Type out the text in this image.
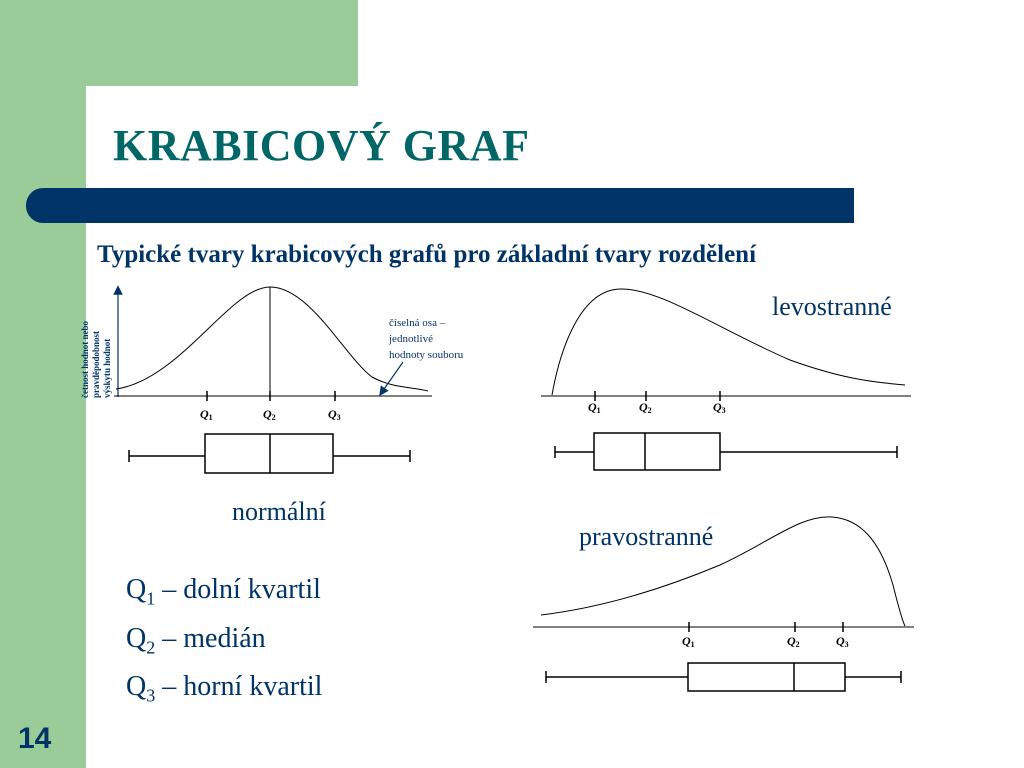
KRABICOVÝ GRAF
Typické tvary krabicových grafů pro základní tvary rozdělení
14
četnost hodnot nebo pravděpodobnost výskytu hodnot
Q1	Q2	Q3
číselná osa – jednotlivé hodnoty souboru
Q1	Q2	Q3
Q1	Q2	Q3
normální
levostranné
pravostranné
$Q_1$ – dolní kvartil
$Q_2$ – medián
$Q_3$ – horní kvartil
